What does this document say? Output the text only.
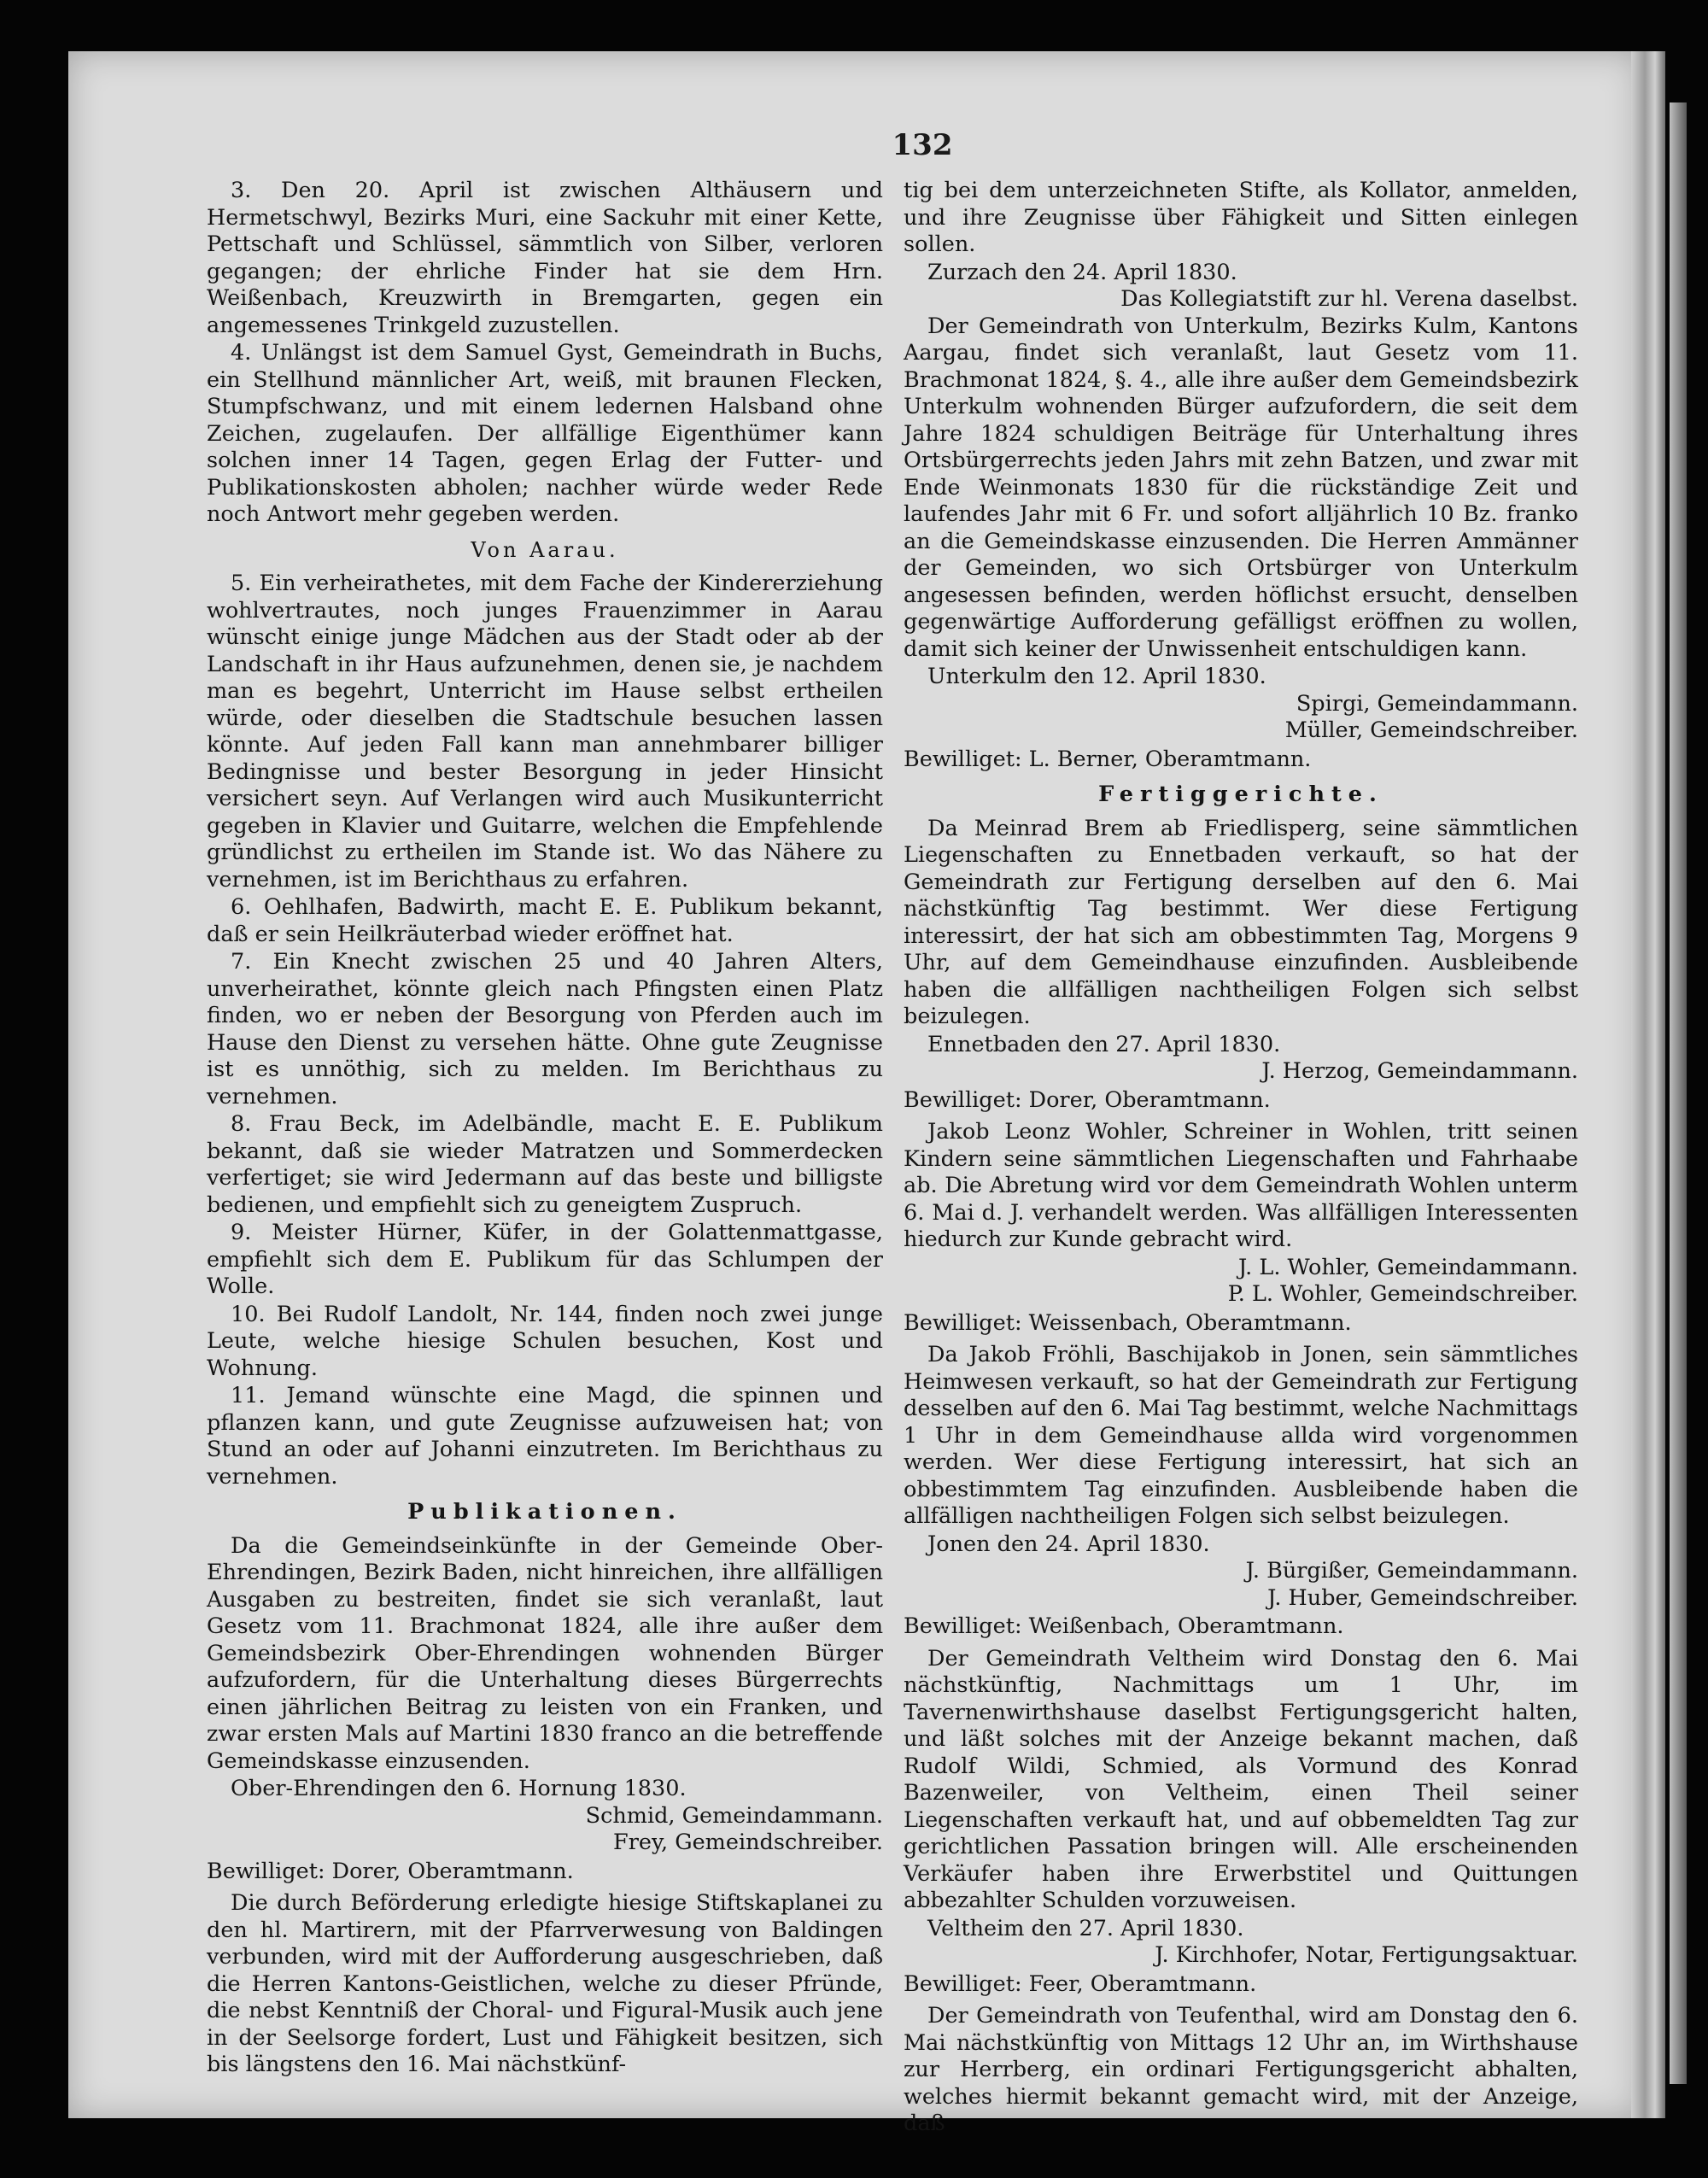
132

3. Den 20. April ist zwischen Althäusern und Hermetschwyl, Bezirks Muri, eine Sackuhr mit einer Kette, Pettschaft und Schlüssel, sämmtlich von Silber, verloren gegangen; der ehrliche Finder hat sie dem Hrn. Weißenbach, Kreuzwirth in Bremgarten, gegen ein angemessenes Trinkgeld zuzustellen.

4. Unlängst ist dem Samuel Gyst, Gemeindrath in Buchs, ein Stellhund männlicher Art, weiß, mit braunen Flecken, Stumpfschwanz, und mit einem ledernen Halsband ohne Zeichen, zugelaufen. Der allfällige Eigenthümer kann solchen inner 14 Tagen, gegen Erlag der Futter- und Publikationskosten abholen; nachher würde weder Rede noch Antwort mehr gegeben werden.

Von Aarau.

5. Ein verheirathetes, mit dem Fache der Kindererziehung wohlvertrautes, noch junges Frauenzimmer in Aarau wünscht einige junge Mädchen aus der Stadt oder ab der Landschaft in ihr Haus aufzunehmen, denen sie, je nachdem man es begehrt, Unterricht im Hause selbst ertheilen würde, oder dieselben die Stadtschule besuchen lassen könnte. Auf jeden Fall kann man annehmbarer billiger Bedingnisse und bester Besorgung in jeder Hinsicht versichert seyn. Auf Verlangen wird auch Musikunterricht gegeben in Klavier und Guitarre, welchen die Empfehlende gründlichst zu ertheilen im Stande ist. Wo das Nähere zu vernehmen, ist im Berichthaus zu erfahren.

6. Oehlhafen, Badwirth, macht E. E. Publikum bekannt, daß er sein Heilkräuterbad wieder eröffnet hat.

7. Ein Knecht zwischen 25 und 40 Jahren Alters, unverheirathet, könnte gleich nach Pfingsten einen Platz finden, wo er neben der Besorgung von Pferden auch im Hause den Dienst zu versehen hätte. Ohne gute Zeugnisse ist es unnöthig, sich zu melden. Im Berichthaus zu vernehmen.

8. Frau Beck, im Adelbändle, macht E. E. Publikum bekannt, daß sie wieder Matratzen und Sommerdecken verfertiget; sie wird Jedermann auf das beste und billigste bedienen, und empfiehlt sich zu geneigtem Zuspruch.

9. Meister Hürner, Küfer, in der Golattenmattgasse, empfiehlt sich dem E. Publikum für das Schlumpen der Wolle.

10. Bei Rudolf Landolt, Nr. 144, finden noch zwei junge Leute, welche hiesige Schulen besuchen, Kost und Wohnung.

11. Jemand wünschte eine Magd, die spinnen und pflanzen kann, und gute Zeugnisse aufzuweisen hat; von Stund an oder auf Johanni einzutreten. Im Berichthaus zu vernehmen.

Publikationen.

Da die Gemeindseinkünfte in der Gemeinde Ober-Ehrendingen, Bezirk Baden, nicht hinreichen, ihre allfälligen Ausgaben zu bestreiten, findet sie sich veranlaßt, laut Gesetz vom 11. Brachmonat 1824, alle ihre außer dem Gemeindsbezirk Ober-Ehrendingen wohnenden Bürger aufzufordern, für die Unterhaltung dieses Bürgerrechts einen jährlichen Beitrag zu leisten von ein Franken, und zwar ersten Mals auf Martini 1830 franco an die betreffende Gemeindskasse einzusenden.

Ober-Ehrendingen den 6. Hornung 1830.

Schmid, Gemeindammann.

Frey, Gemeindschreiber.

Bewilliget: Dorer, Oberamtmann.

Die durch Beförderung erledigte hiesige Stiftskaplanei zu den hl. Martirern, mit der Pfarrverwesung von Baldingen verbunden, wird mit der Aufforderung ausgeschrieben, daß die Herren Kantons-Geistlichen, welche zu dieser Pfründe, die nebst Kenntniß der Choral- und Figural-Musik auch jene in der Seelsorge fordert, Lust und Fähigkeit besitzen, sich bis längstens den 16. Mai nächstkünf-

tig bei dem unterzeichneten Stifte, als Kollator, anmelden, und ihre Zeugnisse über Fähigkeit und Sitten einlegen sollen.

Zurzach den 24. April 1830.

Das Kollegiatstift zur hl. Verena daselbst.

Der Gemeindrath von Unterkulm, Bezirks Kulm, Kantons Aargau, findet sich veranlaßt, laut Gesetz vom 11. Brachmonat 1824, §. 4., alle ihre außer dem Gemeindsbezirk Unterkulm wohnenden Bürger aufzufordern, die seit dem Jahre 1824 schuldigen Beiträge für Unterhaltung ihres Ortsbürgerrechts jeden Jahrs mit zehn Batzen, und zwar mit Ende Weinmonats 1830 für die rückständige Zeit und laufendes Jahr mit 6 Fr. und sofort alljährlich 10 Bz. franko an die Gemeindskasse einzusenden. Die Herren Ammänner der Gemeinden, wo sich Ortsbürger von Unterkulm angesessen befinden, werden höflichst ersucht, denselben gegenwärtige Aufforderung gefälligst eröffnen zu wollen, damit sich keiner der Unwissenheit entschuldigen kann.

Unterkulm den 12. April 1830.

Spirgi, Gemeindammann.

Müller, Gemeindschreiber.

Bewilliget: L. Berner, Oberamtmann.

Fertiggerichte.

Da Meinrad Brem ab Friedlisperg, seine sämmtlichen Liegenschaften zu Ennetbaden verkauft, so hat der Gemeindrath zur Fertigung derselben auf den 6. Mai nächstkünftig Tag bestimmt. Wer diese Fertigung interessirt, der hat sich am obbestimmten Tag, Morgens 9 Uhr, auf dem Gemeindhause einzufinden. Ausbleibende haben die allfälligen nachtheiligen Folgen sich selbst beizulegen.

Ennetbaden den 27. April 1830.

J. Herzog, Gemeindammann.

Bewilliget: Dorer, Oberamtmann.

Jakob Leonz Wohler, Schreiner in Wohlen, tritt seinen Kindern seine sämmtlichen Liegenschaften und Fahrhaabe ab. Die Abretung wird vor dem Gemeindrath Wohlen unterm 6. Mai d. J. verhandelt werden. Was allfälligen Interessenten hiedurch zur Kunde gebracht wird.

J. L. Wohler, Gemeindammann.

P. L. Wohler, Gemeindschreiber.

Bewilliget: Weissenbach, Oberamtmann.

Da Jakob Fröhli, Baschijakob in Jonen, sein sämmtliches Heimwesen verkauft, so hat der Gemeindrath zur Fertigung desselben auf den 6. Mai Tag bestimmt, welche Nachmittags 1 Uhr in dem Gemeindhause allda wird vorgenommen werden. Wer diese Fertigung interessirt, hat sich an obbestimmtem Tag einzufinden. Ausbleibende haben die allfälligen nachtheiligen Folgen sich selbst beizulegen.

Jonen den 24. April 1830.

J. Bürgißer, Gemeindammann.

J. Huber, Gemeindschreiber.

Bewilliget: Weißenbach, Oberamtmann.

Der Gemeindrath Veltheim wird Donstag den 6. Mai nächstkünftig, Nachmittags um 1 Uhr, im Tavernenwirthshause daselbst Fertigungsgericht halten, und läßt solches mit der Anzeige bekannt machen, daß Rudolf Wildi, Schmied, als Vormund des Konrad Bazenweiler, von Veltheim, einen Theil seiner Liegenschaften verkauft hat, und auf obbemeldten Tag zur gerichtlichen Passation bringen will. Alle erscheinenden Verkäufer haben ihre Erwerbstitel und Quittungen abbezahlter Schulden vorzuweisen.

Veltheim den 27. April 1830.

J. Kirchhofer, Notar, Fertigungsaktuar.

Bewilliget: Feer, Oberamtmann.

Der Gemeindrath von Teufenthal, wird am Donstag den 6. Mai nächstkünftig von Mittags 12 Uhr an, im Wirthshause zur Herrberg, ein ordinari Fertigungsgericht abhalten, welches hiermit bekannt gemacht wird, mit der Anzeige, daß
